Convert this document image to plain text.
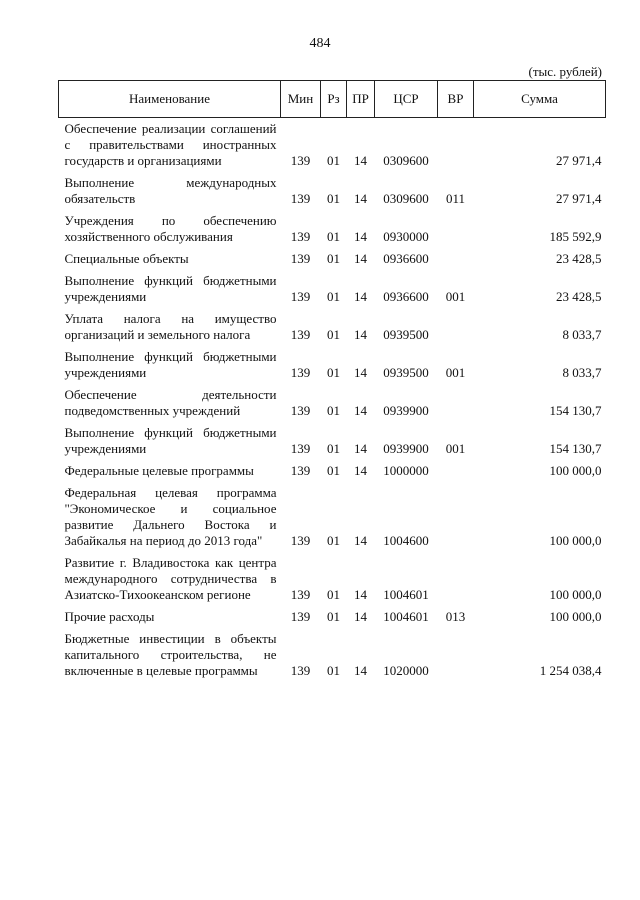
484
(тыс. рублей)
Наименование	Мин	Рз	ПР	ЦСР	ВР	Сумма
Обеспечение реализации соглашений с правительствами иностранных государств и организациями	139	01	14	0309600		27 971,4
Выполнение международных обязательств	139	01	14	0309600	011	27 971,4
Учреждения по обеспечению хозяйственного обслуживания	139	01	14	0930000		185 592,9
Специальные объекты	139	01	14	0936600		23 428,5
Выполнение функций бюджетными учреждениями	139	01	14	0936600	001	23 428,5
Уплата налога на имущество организаций и земельного налога	139	01	14	0939500		8 033,7
Выполнение функций бюджетными учреждениями	139	01	14	0939500	001	8 033,7
Обеспечение деятельности подведомственных учреждений	139	01	14	0939900		154 130,7
Выполнение функций бюджетными учреждениями	139	01	14	0939900	001	154 130,7
Федеральные целевые программы	139	01	14	1000000		100 000,0
Федеральная целевая программа "Экономическое и социальное развитие Дальнего Востока и Забайкалья на период до 2013 года"	139	01	14	1004600		100 000,0
Развитие г. Владивостока как центра международного сотрудничества в Азиатско-Тихоокеанском регионе	139	01	14	1004601		100 000,0
Прочие расходы	139	01	14	1004601	013	100 000,0
Бюджетные инвестиции в объекты капитального строительства, не включенные в целевые программы	139	01	14	1020000		1 254 038,4
